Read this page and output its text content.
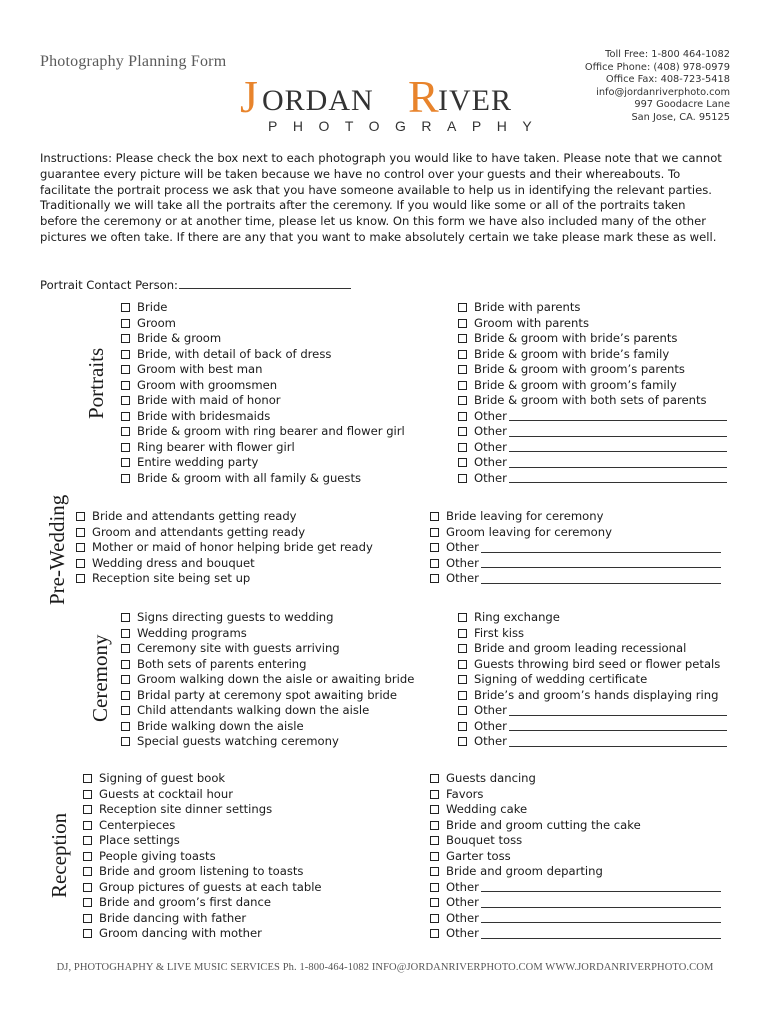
Photography Planning Form
J ORDAN R
IVER
PHOTOGRAPHY
Toll Free: 1-800 464-1082
Office Phone: (408) 978-0979
Office Fax: 408-723-5418
info@jordanriverphoto.com
997 Goodacre Lane
San Jose, CA. 95125
Instructions: Please check the box next to each photograph you would like to have taken. Please note that we cannot guarantee every picture will be taken because we have no control over your guests and their whereabouts. To facilitate the portrait process we ask that you have someone available to help us in identifying the relevant parties. Traditionally we will take all the portraits after the ceremony. If you would like some or all of the portraits taken before the ceremony or at another time, please let us know. On this form we have also included many of the other pictures we often take. If there are any that you want to make absolutely certain we take please mark these as well.
Portrait Contact Person:
Portraits
Pre-Wedding
Ceremony
Reception
Bride
Groom
Bride & groom
Bride, with detail of back of dress
Groom with best man
Groom with groomsmen
Bride with maid of honor
Bride with bridesmaids
Bride & groom with ring bearer and flower girl
Ring bearer with flower girl
Entire wedding party
Bride & groom with all family & guests
Bride with parents
Groom with parents
Bride & groom with bride’s parents
Bride & groom with bride’s family
Bride & groom with groom’s parents
Bride & groom with groom’s family
Bride & groom with both sets of parents
Other
Other
Other
Other
Other
Bride and attendants getting ready
Groom and attendants getting ready
Mother or maid of honor helping bride get ready
Wedding dress and bouquet
Reception site being set up
Bride leaving for ceremony
Groom leaving for ceremony
Other
Other
Other
Signs directing guests to wedding
Wedding programs
Ceremony site with guests arriving
Both sets of parents entering
Groom walking down the aisle or awaiting bride
Bridal party at ceremony spot awaiting bride
Child attendants walking down the aisle
Bride walking down the aisle
Special guests watching ceremony
Ring exchange
First kiss
Bride and groom leading recessional
Guests throwing bird seed or flower petals
Signing of wedding certificate
Bride’s and groom’s hands displaying ring
Other
Other
Other
Signing of guest book
Guests at cocktail hour
Reception site dinner settings
Centerpieces
Place settings
People giving toasts
Bride and groom listening to toasts
Group pictures of guests at each table
Bride and groom’s first dance
Bride dancing with father
Groom dancing with mother
Guests dancing
Favors
Wedding cake
Bride and groom cutting the cake
Bouquet toss
Garter toss
Bride and groom departing
Other
Other
Other
Other
DJ, PHOTOGHAPHY & LIVE MUSIC SERVICES Ph. 1-800-464-1082 INFO@JORDANRIVERPHOTO.COM WWW.JORDANRIVERPHOTO.COM
